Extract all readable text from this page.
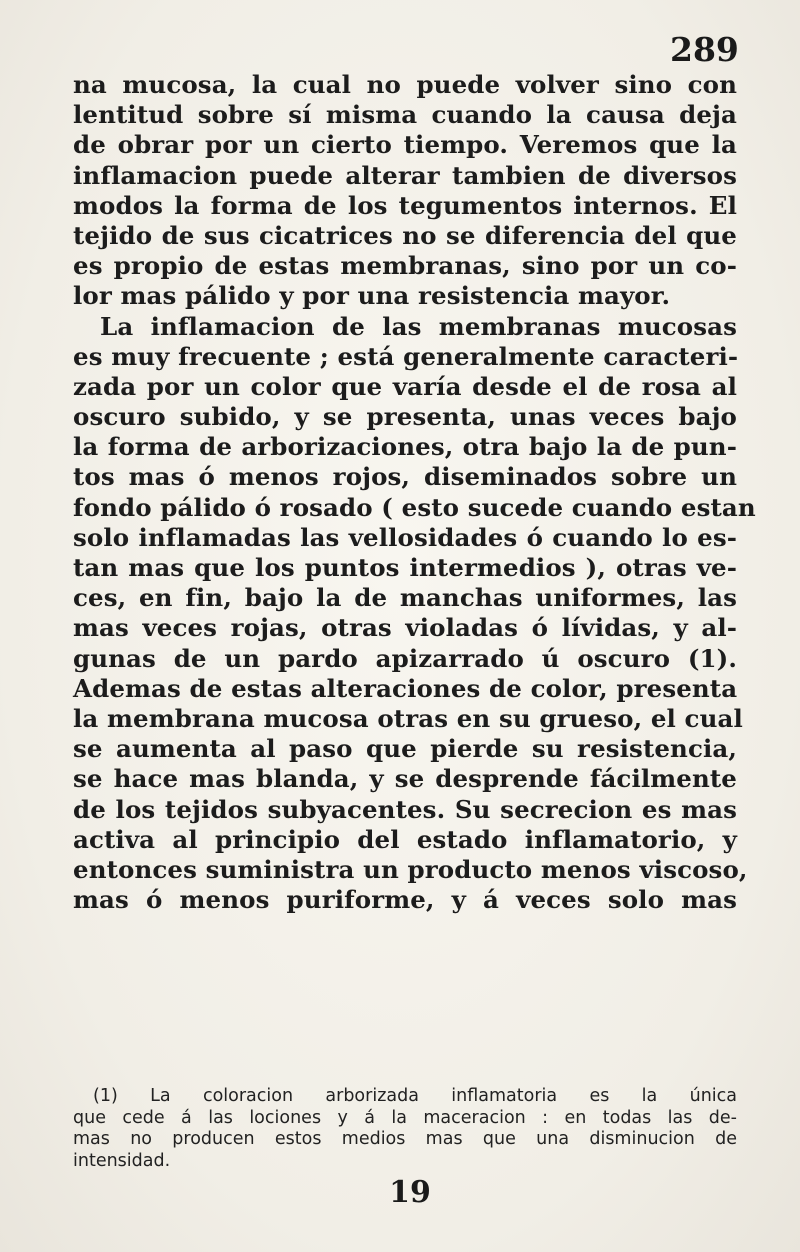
289
na mucosa, la cual no puede volver sino con
lentitud sobre sí misma cuando la causa deja
de obrar por un cierto tiempo. Veremos que la
inflamacion puede alterar tambien de diversos
modos la forma de los tegumentos internos. El
tejido de sus cicatrices no se diferencia del que
es propio de estas membranas, sino por un co-
lor mas pálido y por una resistencia mayor.
La inflamacion de las membranas mucosas
es muy frecuente ; está generalmente caracteri-
zada por un color que varía desde el de rosa al
oscuro subido, y se presenta, unas veces bajo
la forma de arborizaciones, otra bajo la de pun-
tos mas ó menos rojos, diseminados sobre un
fondo pálido ó rosado ( esto sucede cuando estan
solo inflamadas las vellosidades ó cuando lo es-
tan mas que los puntos intermedios ), otras ve-
ces, en fin, bajo la de manchas uniformes, las
mas veces rojas, otras violadas ó lívidas, y al-
gunas de un pardo apizarrado ú oscuro (1).
Ademas de estas alteraciones de color, presenta
la membrana mucosa otras en su grueso, el cual
se aumenta al paso que pierde su resistencia,
se hace mas blanda, y se desprende fácilmente
de los tejidos subyacentes. Su secrecion es mas
activa al principio del estado inflamatorio, y
entonces suministra un producto menos viscoso,
mas ó menos puriforme, y á veces solo mas
(1) La coloracion arborizada inflamatoria es la única
que cede á las lociones y á la maceracion : en todas las de-
mas no producen estos medios mas que una disminucion de
intensidad.
19
